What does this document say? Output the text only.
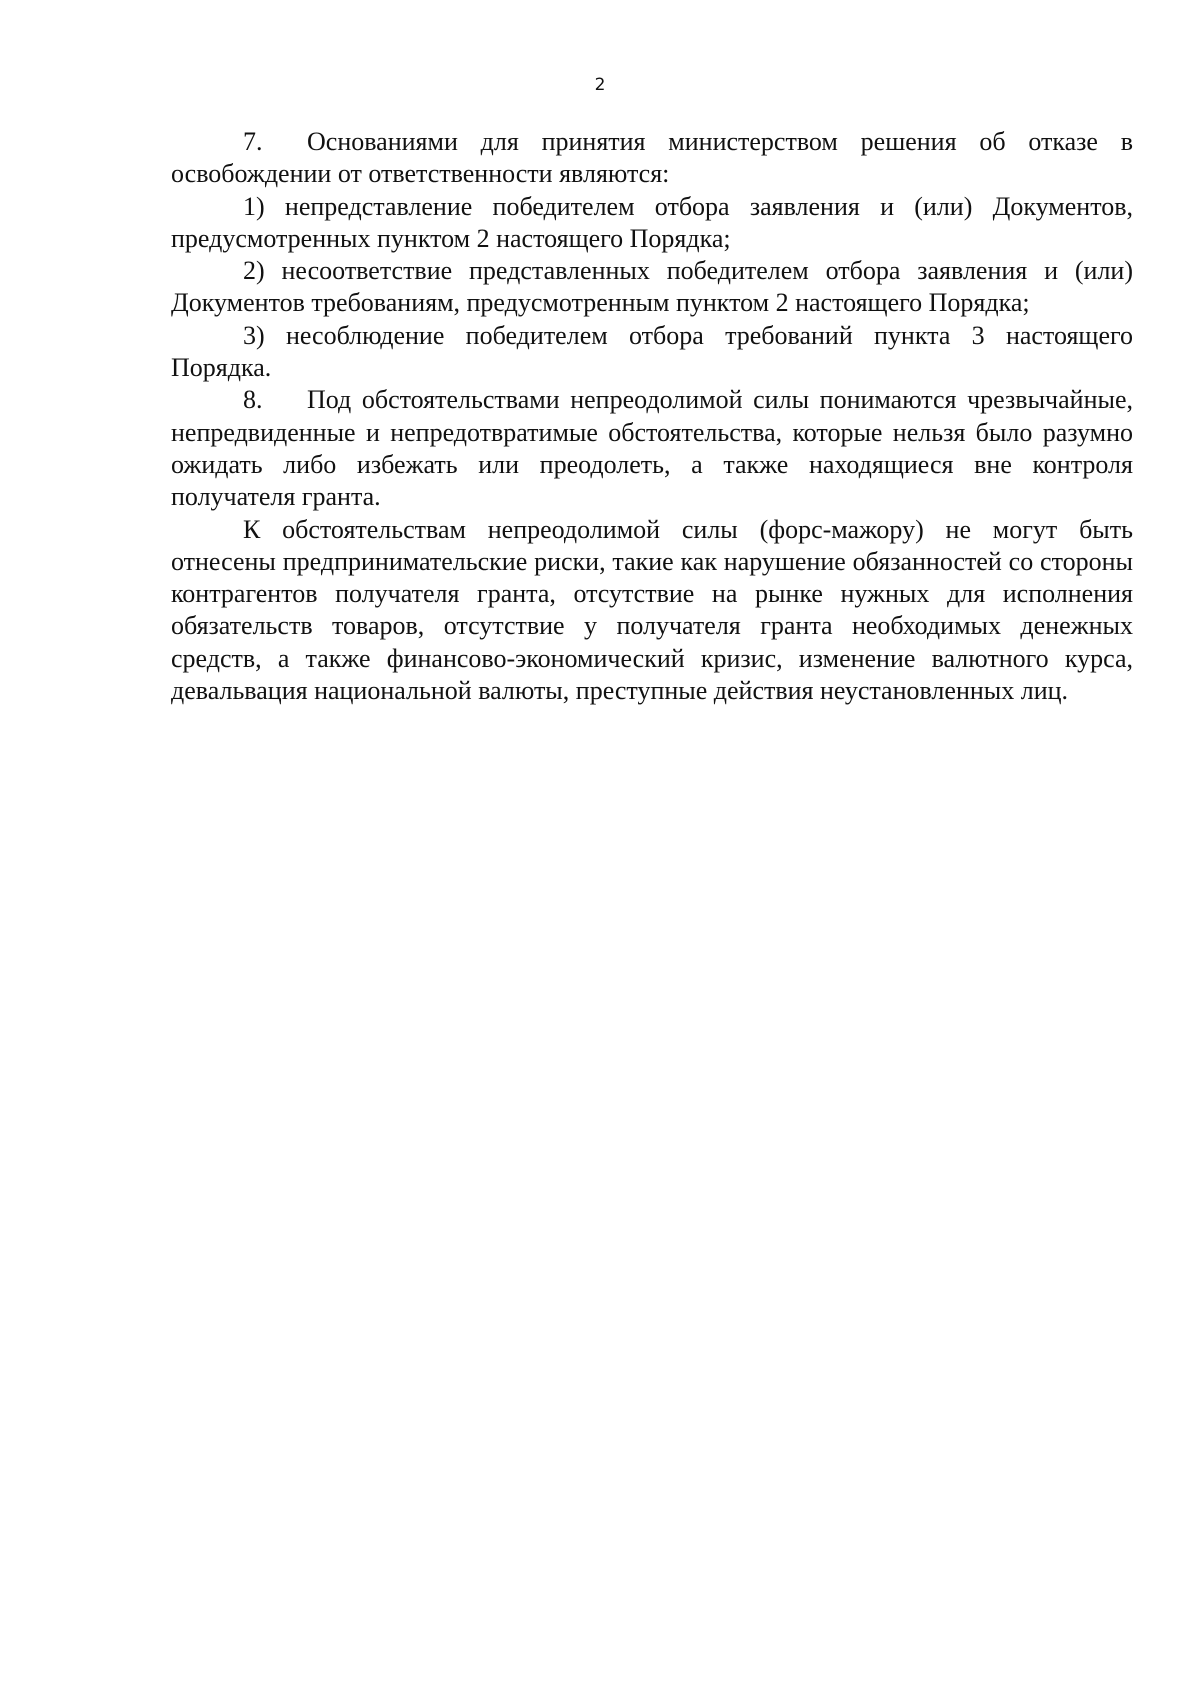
2

7. Основаниями для принятия министерством решения об отказе в освобождении от ответственности являются:

1) непредставление победителем отбора заявления и (или) Документов, предусмотренных пунктом 2 настоящего Порядка;

2) несоответствие представленных победителем отбора заявления и (или) Документов требованиям, предусмотренным пунктом 2 настоящего Порядка;

3) несоблюдение победителем отбора требований пункта 3 настоящего Порядка.

8. Под обстоятельствами непреодолимой силы понимаются чрезвычайные, непредвиденные и непредотвратимые обстоятельства, которые нельзя было разумно ожидать либо избежать или преодолеть, а также находящиеся вне контроля получателя гранта.

К обстоятельствам непреодолимой силы (форс-мажору) не могут быть отнесены предпринимательские риски, такие как нарушение обязанностей со стороны контрагентов получателя гранта, отсутствие на рынке нужных для исполнения обязательств товаров, отсутствие у получателя гранта необходимых денежных средств, а также финансово-экономический кризис, изменение валютного курса, девальвация национальной валюты, преступные действия неустановленных лиц.
